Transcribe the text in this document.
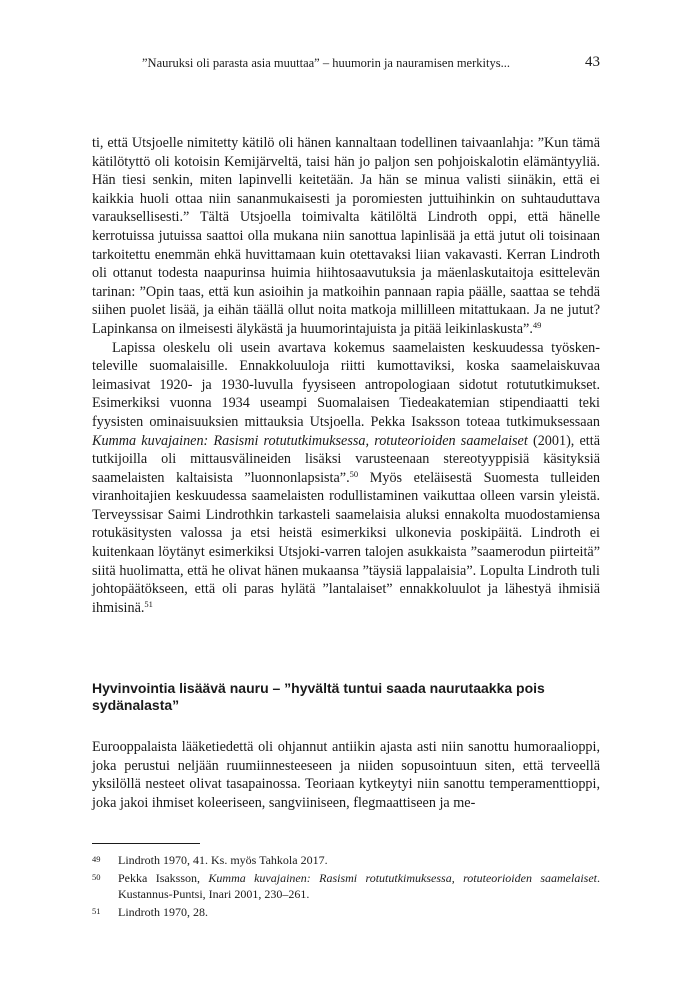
”Nauruksi oli parasta asia muuttaa” – huumorin ja nauramisen merkitys...	43

ti, että Utsjoelle nimitetty kätilö oli hänen kannaltaan todellinen taivaanlahja: ”Kun tämä kätilötyttö oli kotoisin Kemijärveltä, taisi hän jo paljon sen pohjoiskalotin elämäntyyliä. Hän tiesi senkin, miten lapinvelli keitetään. Ja hän se minua valisti siinäkin, että ei kaikkia huoli ottaa niin sananmukaisesti ja poromiesten juttuihinkin on suhtauduttava varauksellisesti.” Tältä Utsjoella toimivalta kätilöltä Lindroth oppi, että hänelle kerrotuissa jutuissa saattoi olla mukana niin sanottua lapinlisää ja että jutut oli toisinaan tarkoitettu enemmän ehkä huvittamaan kuin otettavaksi liian vakavasti. Kerran Lindroth oli ottanut todesta naapurinsa huimia hiihtosaavutuksia ja mäenlaskutaitoja esittelevän tarinan: ”Opin taas, että kun asioihin ja matkoihin pannaan rapia päälle, saattaa se tehdä siihen puolet lisää, ja eihän täällä ollut noita matkoja millilleen mitattukaan. Ja ne jutut? Lapinkansa on ilmeisesti älykästä ja huumorintajuista ja pitää leikinlaskusta”.$^{49}$

Lapissa oleskelu oli usein avartava kokemus saamelaisten keskuudessa työskenteleville suomalaisille. Ennakkoluuloja riitti kumottaviksi, koska saamelaiskuvaa leimasivat 1920- ja 1930-luvulla fyysiseen antropologiaan sidotut rotututkimukset. Esimerkiksi vuonna 1934 useampi Suomalaisen Tiedeakatemian stipendiaatti teki fyysisten ominaisuuksien mittauksia Utsjoella. Pekka Isaksson toteaa tutkimuksessaan Kumma kuvajainen: Rasismi rotututkimuksessa, rotuteorioiden saamelaiset (2001), että tutkijoilla oli mittausvälineiden lisäksi varusteenaan stereotyyppisiä käsityksiä saamelaisten kaltaisista ”luonnonlapsista”.$^{50}$ Myös eteläisestä Suomesta tulleiden viranhoitajien keskuudessa saamelaisten rodullistaminen vaikuttaa olleen varsin yleistä. Terveyssisar Saimi Lindrothkin tarkasteli saamelaisia aluksi ennakolta muodostamiensa rotukäsitysten valossa ja etsi heistä esimerkiksi ulkonevia poskipäitä. Lindroth ei kuitenkaan löytänyt esimerkiksi Utsjoki-varren talojen asukkaista ”saamerodun piirteitä” siitä huolimatta, että he olivat hänen mukaansa ”täysiä lappalaisia”. Lopulta Lindroth tuli johtopäätökseen, että oli paras hylätä ”lantalaiset” ennakkoluulot ja lähestyä ihmisiä ihmisinä.$^{51}$

Hyvinvointia lisäävä nauru – ”hyvältä tuntui saada naurutaakka pois sydänalasta”

Eurooppalaista lääketiedettä oli ohjannut antiikin ajasta asti niin sanottu humoraalioppi, joka perustui neljään ruumiinnesteeseen ja niiden sopusointuun siten, että terveellä yksilöllä nesteet olivat tasapainossa. Teoriaan kytkeytyi niin sanottu temperamenttioppi, joka jakoi ihmiset koleeriseen, sangviiniseen, flegmaattiseen ja me-

49 Lindroth 1970, 41. Ks. myös Tahkola 2017.
50 Pekka Isaksson, Kumma kuvajainen: Rasismi rotututkimuksessa, rotuteorioiden saamelaiset. Kustannus-Puntsi, Inari 2001, 230–261.
51 Lindroth 1970, 28.
